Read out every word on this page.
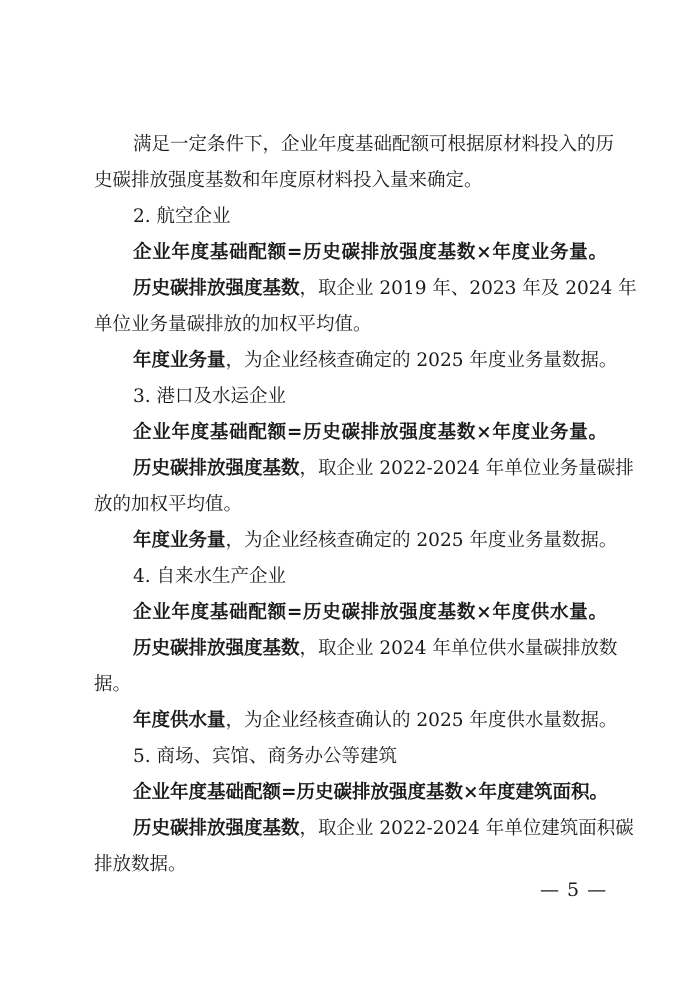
满足一定条件下，企业年度基础配额可根据原材料投入的历
史碳排放强度基数和年度原材料投入量来确定。
2. 航空企业
企业年度基础配额=历史碳排放强度基数×年度业务量。
历史碳排放强度基数，取企业 2019 年、2023 年及 2024 年
单位业务量碳排放的加权平均值。
年度业务量，为企业经核查确定的 2025 年度业务量数据。
3. 港口及水运企业
企业年度基础配额=历史碳排放强度基数×年度业务量。
历史碳排放强度基数，取企业 2022-2024 年单位业务量碳排
放的加权平均值。
年度业务量，为企业经核查确定的 2025 年度业务量数据。
4. 自来水生产企业
企业年度基础配额=历史碳排放强度基数×年度供水量。
历史碳排放强度基数，取企业 2024 年单位供水量碳排放数
据。
年度供水量，为企业经核查确认的 2025 年度供水量数据。
5. 商场、宾馆、商务办公等建筑
企业年度基础配额=历史碳排放强度基数×年度建筑面积。
历史碳排放强度基数，取企业 2022-2024 年单位建筑面积碳
排放数据。
— 5 —
